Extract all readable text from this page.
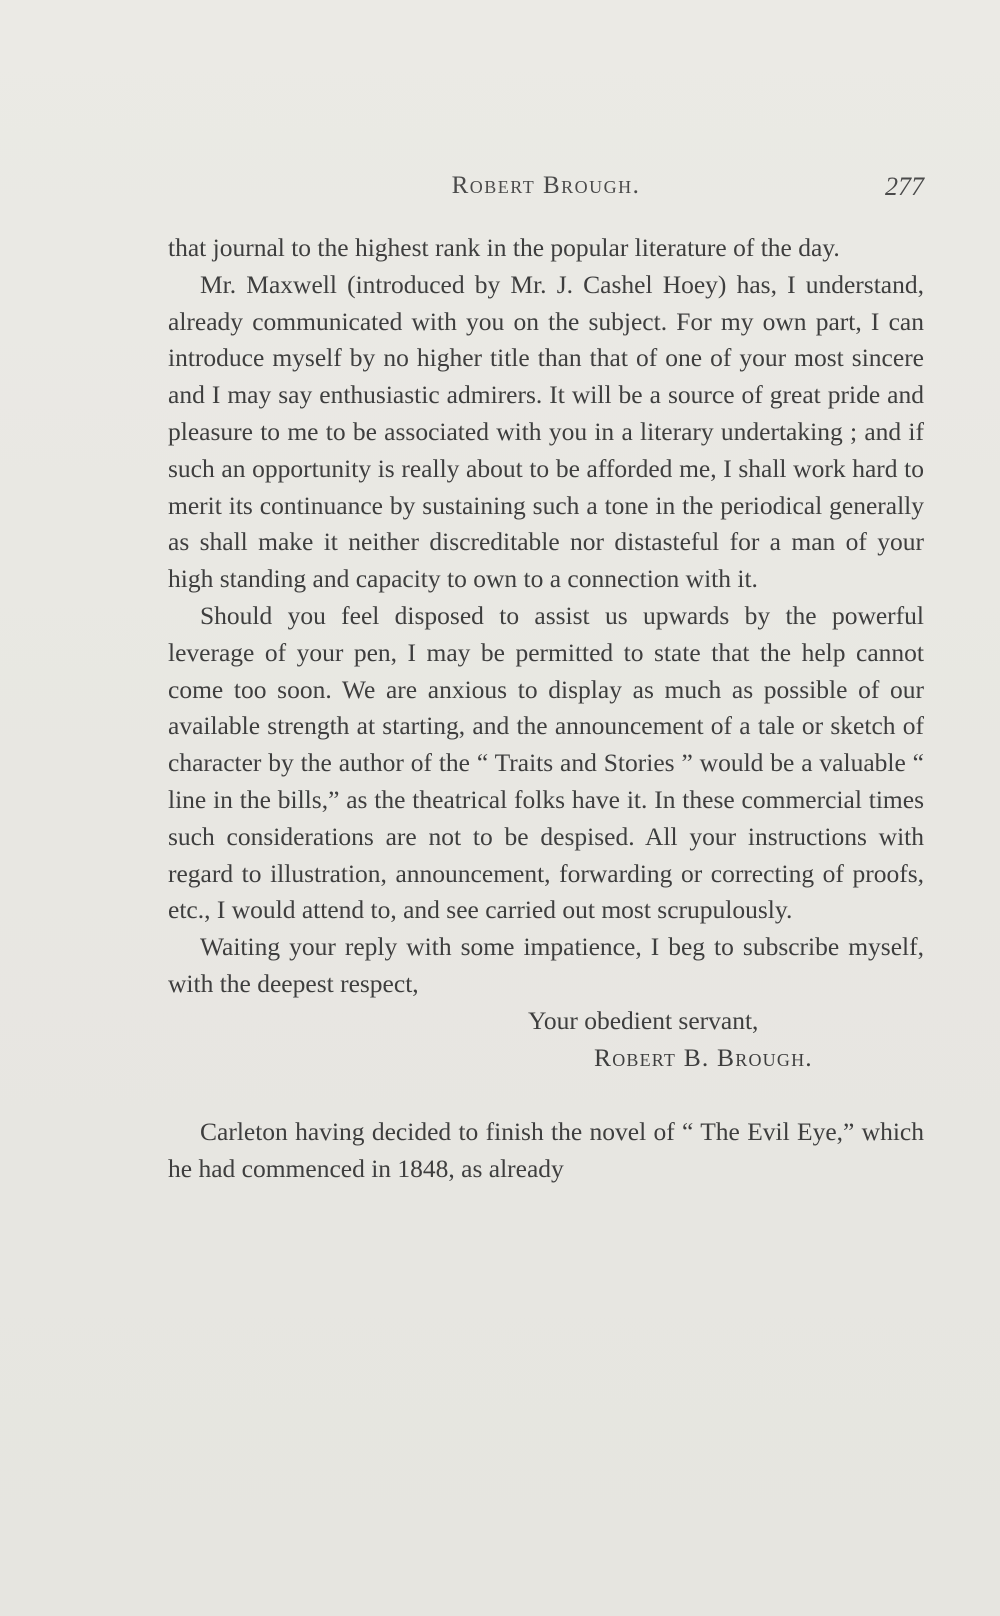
Robert Brough.	277

that journal to the highest rank in the popular literature of the day.

Mr. Maxwell (introduced by Mr. J. Cashel Hoey) has, I understand, already communicated with you on the subject. For my own part, I can introduce myself by no higher title than that of one of your most sincere and I may say enthusiastic admirers. It will be a source of great pride and pleasure to me to be associated with you in a literary undertaking ; and if such an opportunity is really about to be afforded me, I shall work hard to merit its continuance by sustaining such a tone in the periodical generally as shall make it neither discreditable nor distasteful for a man of your high standing and capacity to own to a connection with it.

Should you feel disposed to assist us upwards by the powerful leverage of your pen, I may be permitted to state that the help cannot come too soon. We are anxious to display as much as possible of our available strength at starting, and the announcement of a tale or sketch of character by the author of the “ Traits and Stories ” would be a valuable “ line in the bills,” as the theatrical folks have it. In these commercial times such considerations are not to be despised. All your instructions with regard to illustration, announcement, forwarding or correcting of proofs, etc., I would attend to, and see carried out most scrupulously.

Waiting your reply with some impatience, I beg to subscribe myself, with the deepest respect,

Your obedient servant,
Robert B. Brough.

Carleton having decided to finish the novel of “ The Evil Eye,” which he had commenced in 1848, as already
